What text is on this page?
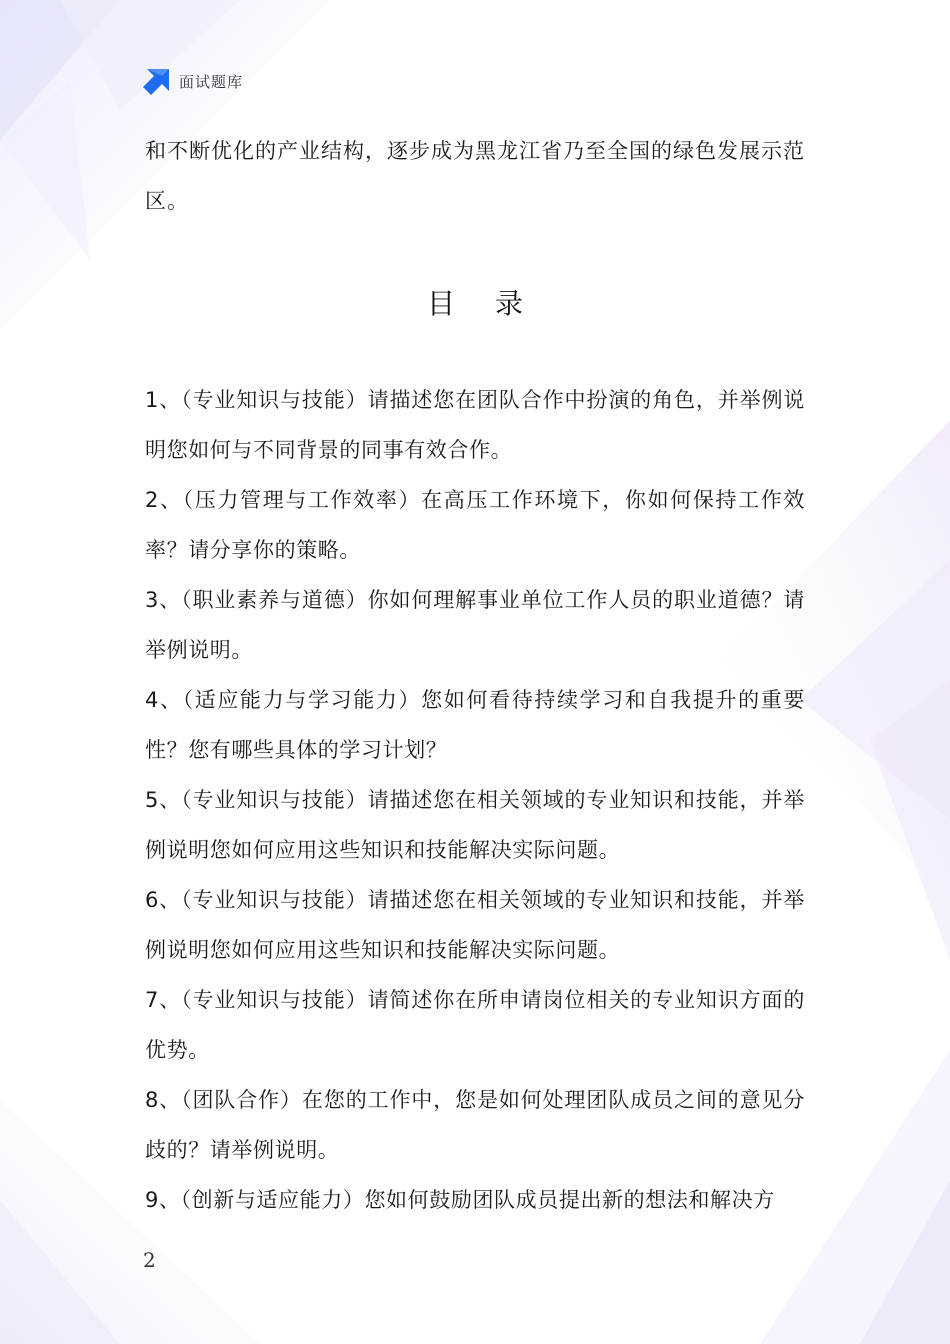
面试题库

和不断优化的产业结构，逐步成为黑龙江省乃至全国的绿色发展示范区。

目录
1、（专业知识与技能）请描述您在团队合作中扮演的角色，并举例说明您如何与不同背景的同事有效合作。
2、（压力管理与工作效率）在高压工作环境下，你如何保持工作效率？请分享你的策略。
3、（职业素养与道德）你如何理解事业单位工作人员的职业道德？请举例说明。
4、（适应能力与学习能力）您如何看待持续学习和自我提升的重要性？您有哪些具体的学习计划？
5、（专业知识与技能）请描述您在相关领域的专业知识和技能，并举例说明您如何应用这些知识和技能解决实际问题。
6、（专业知识与技能）请描述您在相关领域的专业知识和技能，并举例说明您如何应用这些知识和技能解决实际问题。
7、（专业知识与技能）请简述你在所申请岗位相关的专业知识方面的优势。
8、（团队合作）在您的工作中，您是如何处理团队成员之间的意见分歧的？请举例说明。
9、（创新与适应能力）您如何鼓励团队成员提出新的想法和解决方
2
